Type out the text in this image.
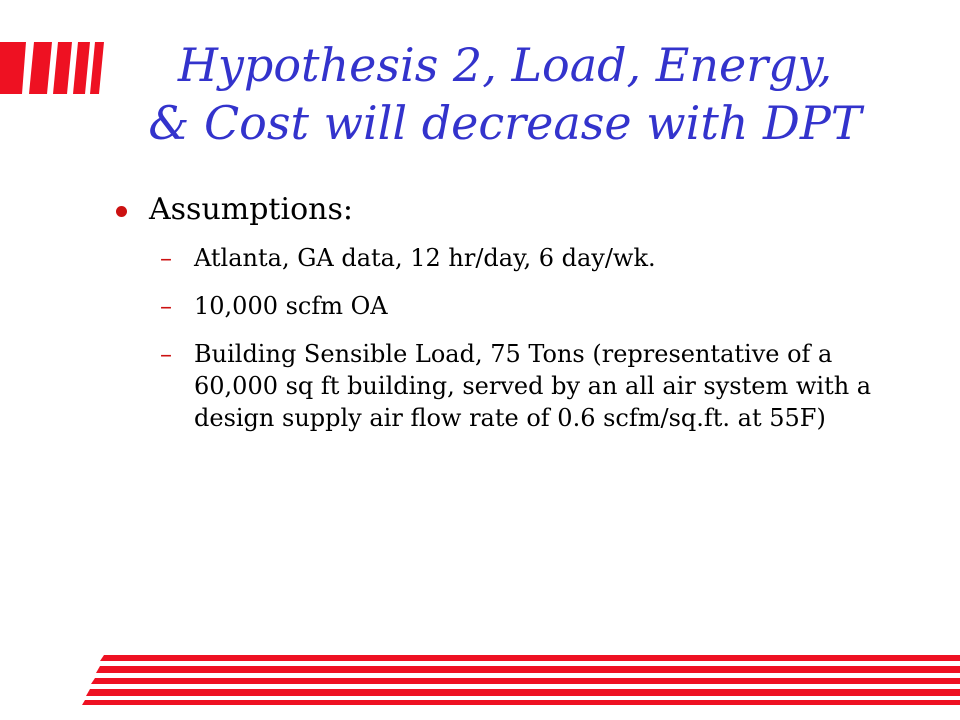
Hypothesis 2, Load, Energy,
& Cost will decrease with DPT
Assumptions:
– Atlanta, GA data, 12 hr/day, 6 day/wk.
– 10,000 scfm OA
– Building Sensible Load, 75 Tons (representative of a 60,000 sq ft building, served by an all air system with a design supply air flow rate of 0.6 scfm/sq.ft. at 55F)
